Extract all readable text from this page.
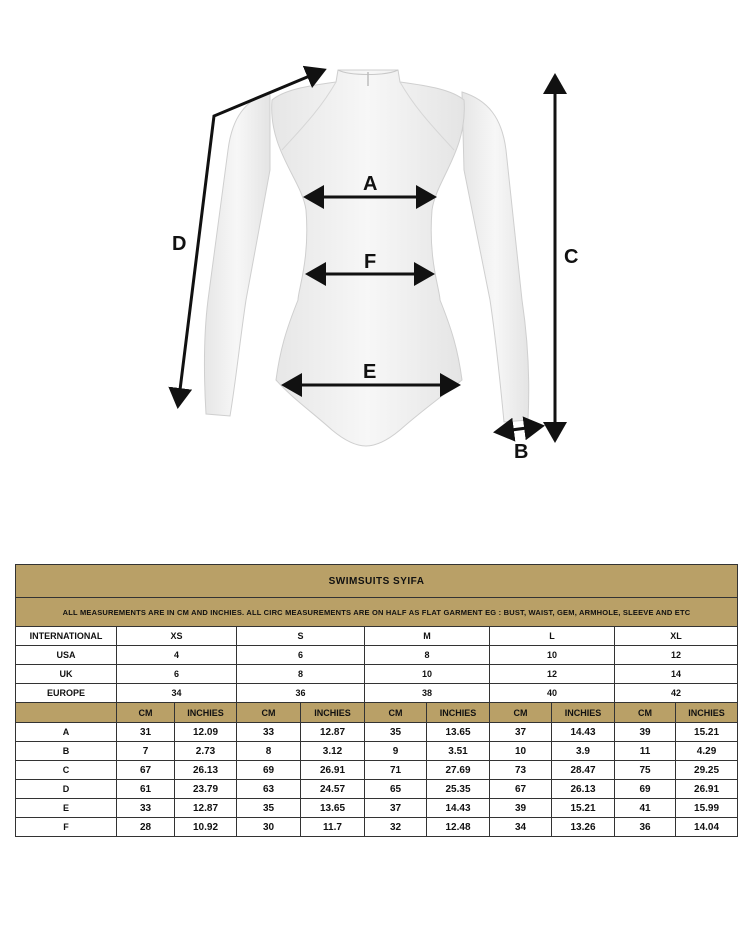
A
F
E
C
B
D
SWIMSUITS SYIFA										
ALL MEASUREMENTS ARE IN CM AND INCHIES. ALL CIRC MEASUREMENTS ARE ON HALF AS FLAT GARMENT EG : BUST, WAIST, GEM, ARMHOLE, SLEEVE AND ETC										
INTERNATIONAL	XS		S		M		L		XL	
USA	4		6		8		10		12	
UK	6		8		10		12		14	
EUROPE	34		36		38		40		42	
	CM	INCHIES	CM	INCHIES	CM	INCHIES	CM	INCHIES	CM	INCHIES
A	31	12.09	33	12.87	35	13.65	37	14.43	39	15.21
B	7	2.73	8	3.12	9	3.51	10	3.9	11	4.29
C	67	26.13	69	26.91	71	27.69	73	28.47	75	29.25
D	61	23.79	63	24.57	65	25.35	67	26.13	69	26.91
E	33	12.87	35	13.65	37	14.43	39	15.21	41	15.99
F	28	10.92	30	11.7	32	12.48	34	13.26	36	14.04
